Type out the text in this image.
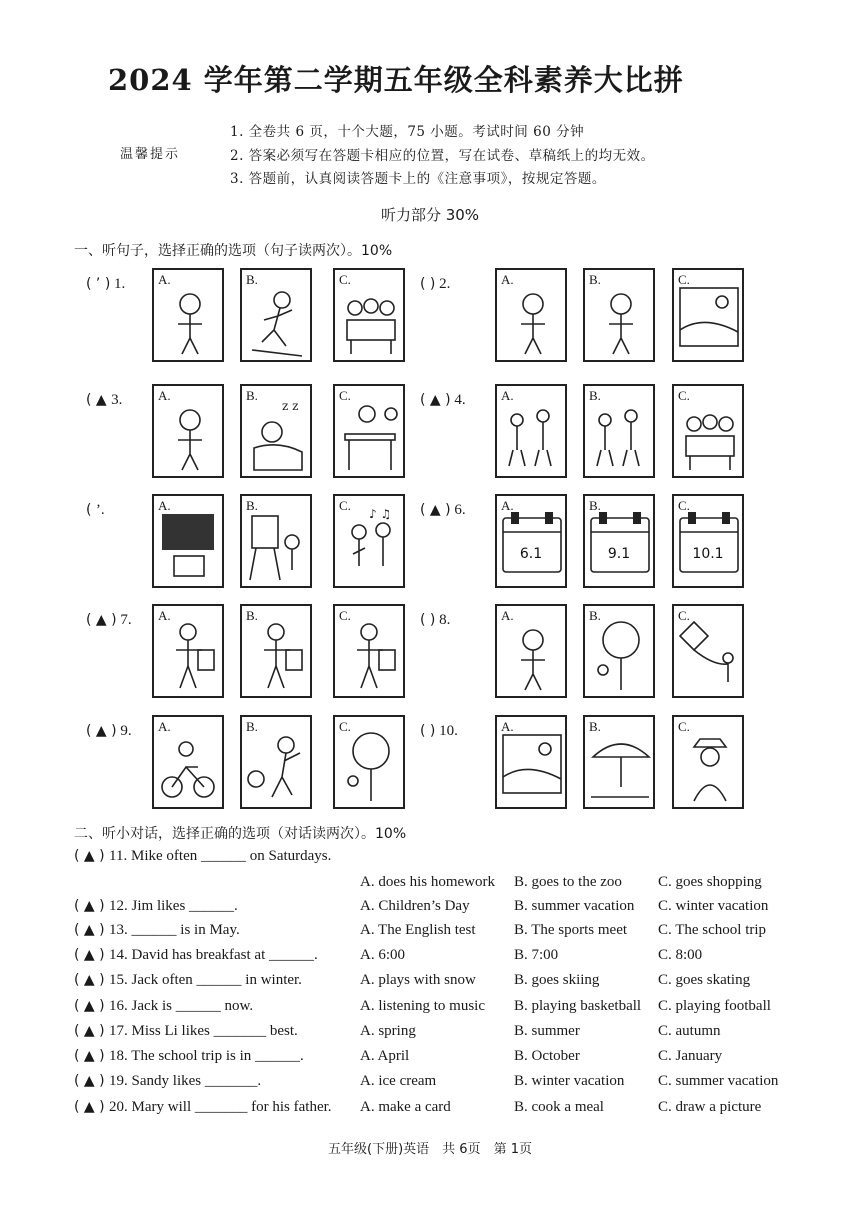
2024 学年第二学期五年级全科素养大比拼
温馨提示
1. 全卷共 6 页，十个大题，75 小题。考试时间 60 分钟
2. 答案必须写在答题卡相应的位置，写在试卷、草稿纸上的均无效。
3. 答题前，认真阅读答题卡上的《注意事项》，按规定答题。
听力部分 30%
一、听句子，选择正确的选项（句子读两次）。10%
( ’ ) 1.	A.	B.	C.	( ) 2.	A.	B.	C.
( ▲ 3.	A.
z z
B.	C.	( ▲ ) 4.	A.	B.	C.
( ’.	A.	B.
♪ ♫
C.	( ▲ ) 6.
6.1
A.
9.1
B.
10.1
C.
( ▲ ) 7. A.	B.	C.	( ) 8.	A.	B.	C.
( ▲ ) 9. A.	B.	C.	( ) 10.	A.	B.	C.
二、听小对话，选择正确的选项（对话读两次）。10%
( ▲ ) 11. Mike often ______ on Saturdays.
A. does his homework B. goes to the zoo C. goes shopping
( ▲ ) 12. Jim likes ______.	A. Children’s Day	B. summer vacation C. winter vacation
( ▲ ) 13. ______ is in May.	A. The English test	B. The sports meet C. The school trip
( ▲ ) 14. David has breakfast at ______.	A. 6:00	B. 7:00	C. 8:00
( ▲ ) 15. Jack often ______ in winter.	A. plays with snow	B. goes skiing	C. goes skating
( ▲ ) 16. Jack is ______ now.	A. listening to music B. playing basketball C. playing football
( ▲ ) 17. Miss Li likes _______ best.	A. spring	B. summer	C. autumn
( ▲ ) 18. The school trip is in ______.	A. April	B. October	C. January
( ▲ ) 19. Sandy likes _______.	A. ice cream	B. winter vacation C. summer vacation
( ▲ ) 20. Mary will _______ for his father. A. make a card	B. cook a meal	C. draw a picture
五年级(下册)英语　共 6页　第 1页
